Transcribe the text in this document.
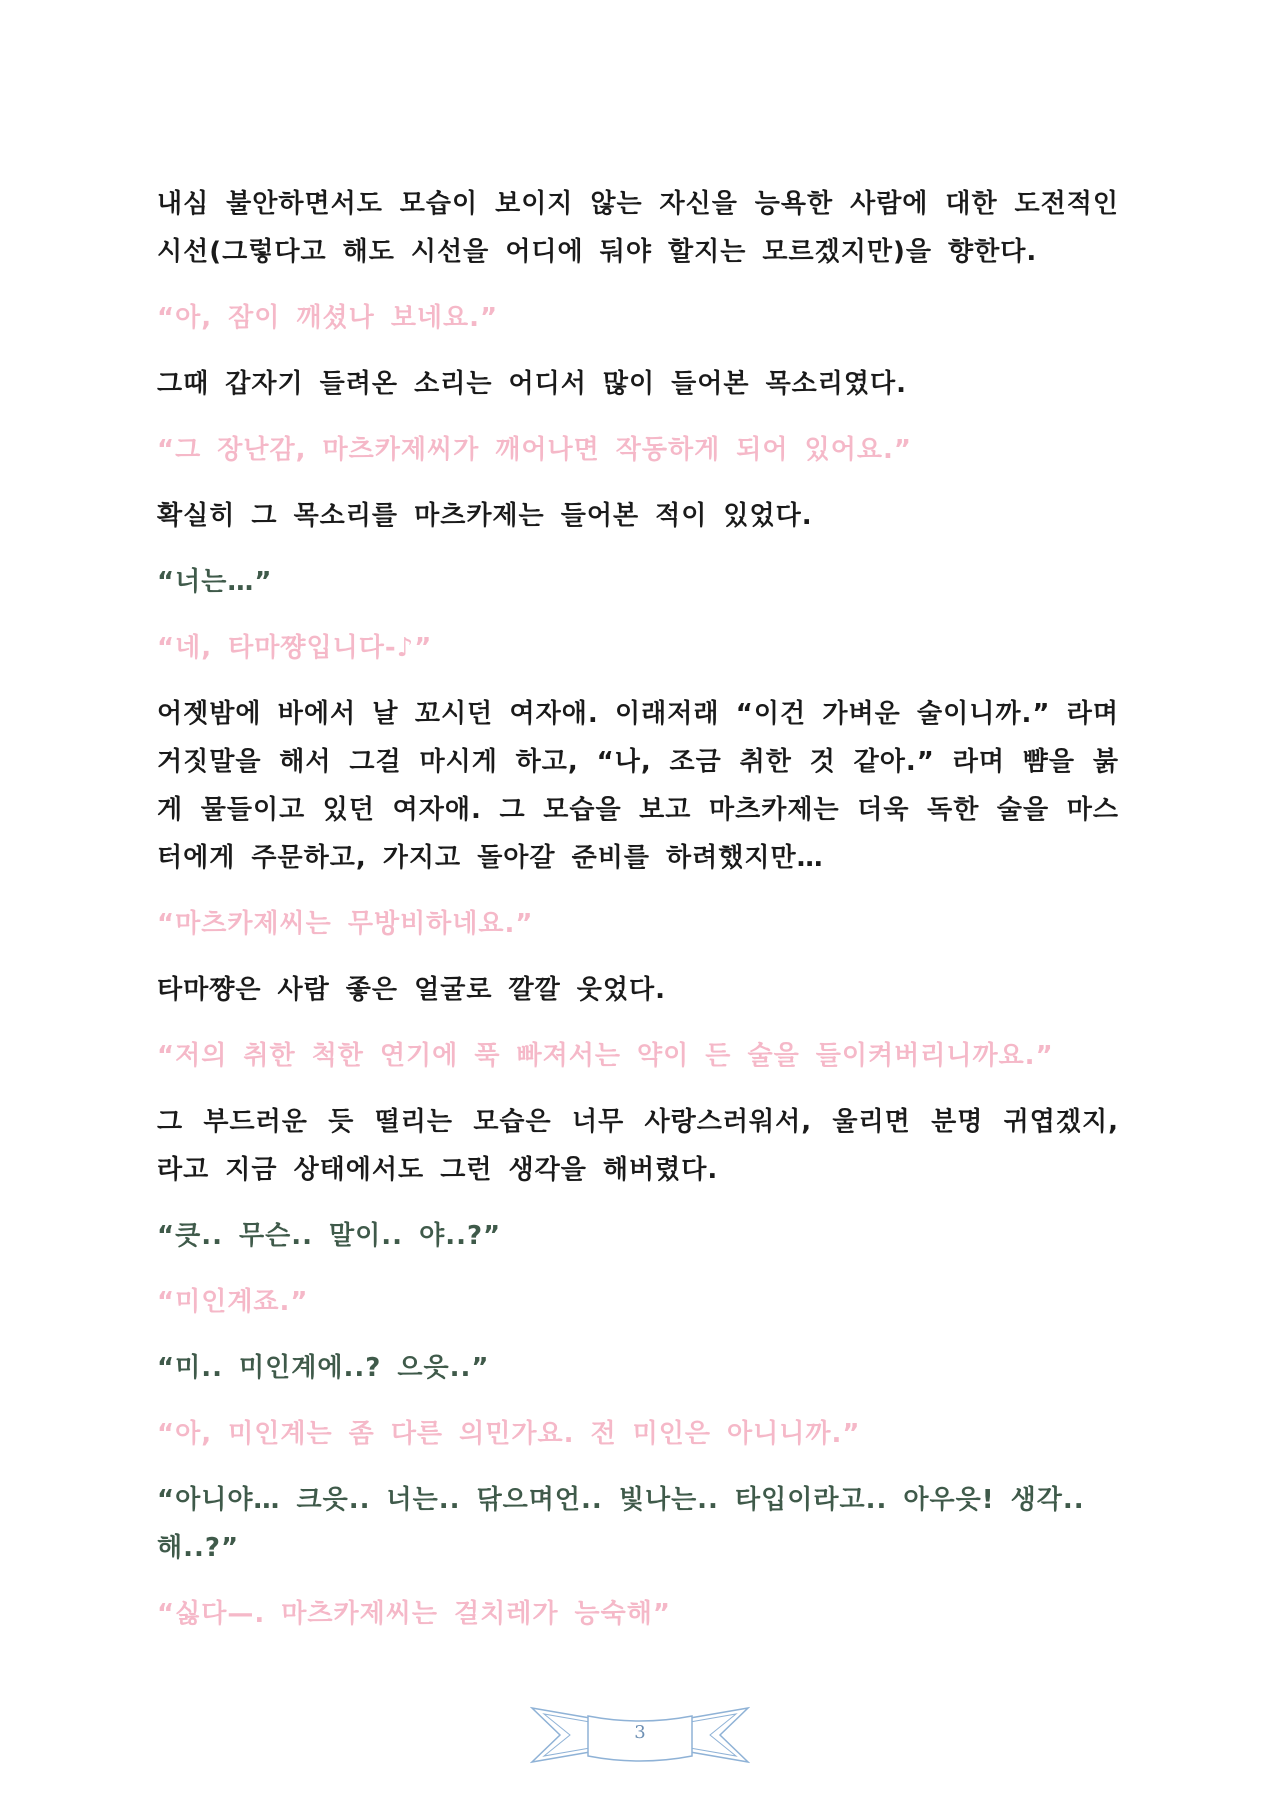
내심 불안하면서도 모습이 보이지 않는 자신을 능욕한 사람에 대한 도전적인 시선(그렇다고 해도 시선을 어디에 둬야 할지는 모르겠지만)을 향한다.

“아, 잠이 깨셨나 보네요.”

그때 갑자기 들려온 소리는 어디서 많이 들어본 목소리였다.

“그 장난감, 마츠카제씨가 깨어나면 작동하게 되어 있어요.”

확실히 그 목소리를 마츠카제는 들어본 적이 있었다.

“너는…”

“네, 타마쨩입니다-♪”

어젯밤에 바에서 날 꼬시던 여자애. 이래저래 “이건 가벼운 술이니까.” 라며 거짓말을 해서 그걸 마시게 하고, “나, 조금 취한 것 같아.” 라며 뺨을 붉게 물들이고 있던 여자애. 그 모습을 보고 마츠카제는 더욱 독한 술을 마스터에게 주문하고, 가지고 돌아갈 준비를 하려했지만…

“마츠카제씨는 무방비하네요.”

타마쨩은 사람 좋은 얼굴로 깔깔 웃었다.

“저의 취한 척한 연기에 푹 빠져서는 약이 든 술을 들이켜버리니까요.”

그 부드러운 듯 떨리는 모습은 너무 사랑스러워서, 울리면 분명 귀엽겠지, 라고 지금 상태에서도 그런 생각을 해버렸다.

“큿.. 무슨.. 말이.. 야..?”

“미인계죠.”

“미.. 미인계에..? 으읏..”

“아, 미인계는 좀 다른 의민가요. 전 미인은 아니니까.”

“아니야… 크읏.. 너는.. 닦으며언.. 빛나는.. 타입이라고.. 아우읏! 생각..해..?”

“싫다—. 마츠카제씨는 걸치레가 능숙해”

3
